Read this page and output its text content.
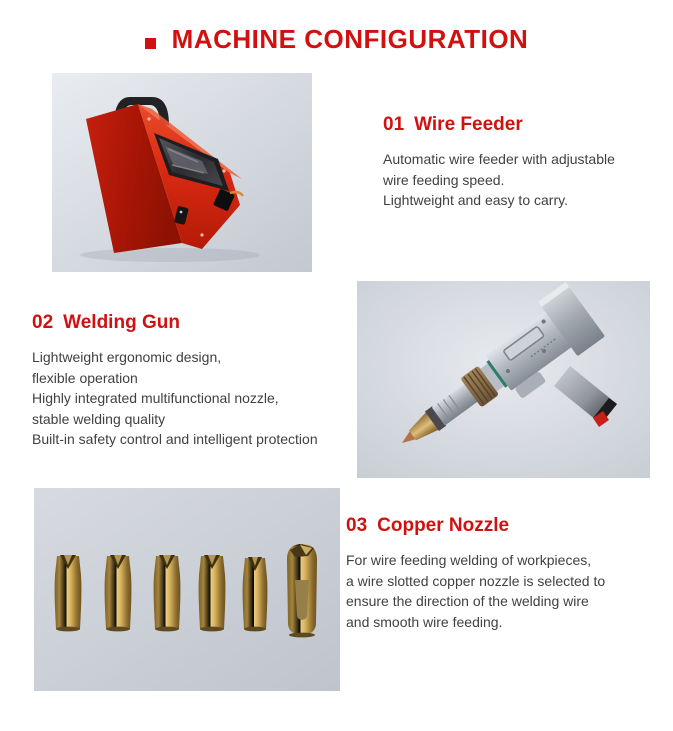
MACHINE CONFIGURATION
01 Wire Feeder
Automatic wire feeder with adjustable
wire feeding speed.
Lightweight and easy to carry.
02 Welding Gun
Lightweight ergonomic design,
flexible operation
Highly integrated multifunctional nozzle,
stable welding quality
Built-in safety control and intelligent protection
03 Copper Nozzle
For wire feeding welding of workpieces,
a wire slotted copper nozzle is selected to
ensure the direction of the welding wire
and smooth wire feeding.
